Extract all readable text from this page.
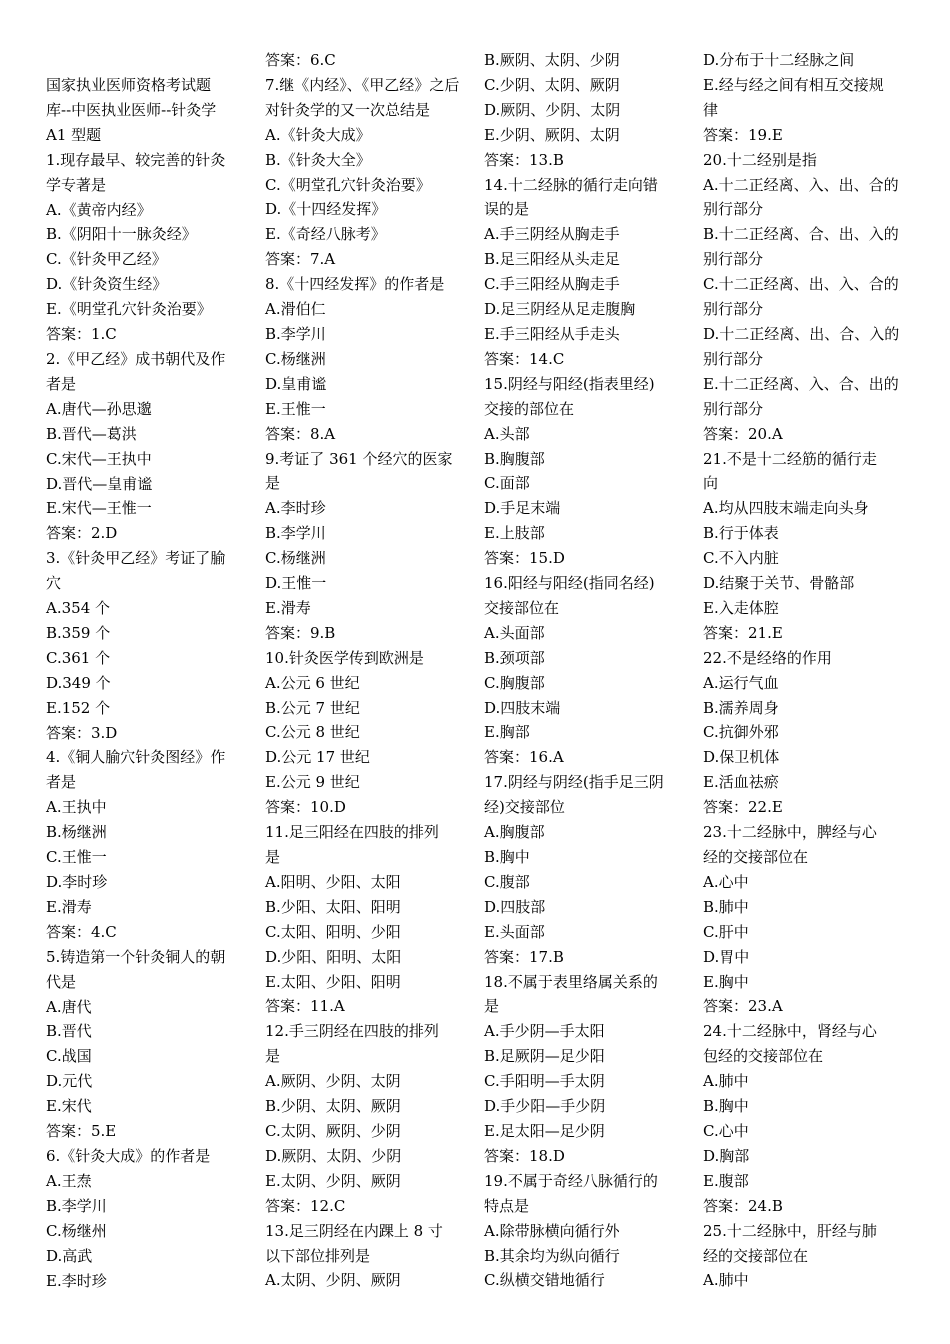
国家执业医师资格考试题
库--中医执业医师--针灸学
A1 型题
1.现存最早、较完善的针灸
学专著是
A.《黄帝内经》
B.《阴阳十一脉灸经》
C.《针灸甲乙经》
D.《针灸资生经》
E.《明堂孔穴针灸治要》
答案：1.C
2.《甲乙经》成书朝代及作
者是
A.唐代—孙思邈
B.晋代—葛洪
C.宋代—王执中
D.晋代—皇甫谧
E.宋代—王惟一
答案：2.D
3.《针灸甲乙经》考证了腧
穴
A.354 个
B.359 个
C.361 个
D.349 个
E.152 个
答案：3.D
4.《铜人腧穴针灸图经》作
者是
A.王执中
B.杨继洲
C.王惟一
D.李时珍
E.滑寿
答案：4.C
5.铸造第一个针灸铜人的朝
代是
A.唐代
B.晋代
C.战国
D.元代
E.宋代
答案：5.E
6.《针灸大成》的作者是
A.王焘
B.李学川
C.杨继州
D.高武
E.李时珍
答案：6.C
7.继《内经》、《甲乙经》之后
对针灸学的又一次总结是
A.《针灸大成》
B.《针灸大全》
C.《明堂孔穴针灸治要》
D.《十四经发挥》
E.《奇经八脉考》
答案：7.A
8.《十四经发挥》的作者是
A.滑伯仁
B.李学川
C.杨继洲
D.皇甫谧
E.王惟一
答案：8.A
9.考证了 361 个经穴的医家
是
A.李时珍
B.李学川
C.杨继洲
D.王惟一
E.滑寿
答案：9.B
10.针灸医学传到欧洲是
A.公元 6 世纪
B.公元 7 世纪
C.公元 8 世纪
D.公元 17 世纪
E.公元 9 世纪
答案：10.D
11.足三阳经在四肢的排列
是
A.阳明、少阳、太阳
B.少阳、太阳、阳明
C.太阳、阳明、少阳
D.少阳、阳明、太阳
E.太阳、少阳、阳明
答案：11.A
12.手三阴经在四肢的排列
是
A.厥阴、少阴、太阴
B.少阴、太阴、厥阴
C.太阴、厥阴、少阴
D.厥阴、太阴、少阴
E.太阴、少阴、厥阴
答案：12.C
13.足三阴经在内踝上 8 寸
以下部位排列是
A.太阴、少阴、厥阴
B.厥阴、太阴、少阴
C.少阴、太阴、厥阴
D.厥阴、少阴、太阴
E.少阴、厥阴、太阴
答案：13.B
14.十二经脉的循行走向错
误的是
A.手三阴经从胸走手
B.足三阳经从头走足
C.手三阳经从胸走手
D.足三阴经从足走腹胸
E.手三阳经从手走头
答案：14.C
15.阴经与阳经(指表里经)
交接的部位在
A.头部
B.胸腹部
C.面部
D.手足末端
E.上肢部
答案：15.D
16.阳经与阳经(指同名经)
交接部位在
A.头面部
B.颈项部
C.胸腹部
D.四肢末端
E.胸部
答案：16.A
17.阴经与阴经(指手足三阴
经)交接部位
A.胸腹部
B.胸中
C.腹部
D.四肢部
E.头面部
答案：17.B
18.不属于表里络属关系的
是
A.手少阴—手太阳
B.足厥阴—足少阳
C.手阳明—手太阴
D.手少阳—手少阴
E.足太阳—足少阴
答案：18.D
19.不属于奇经八脉循行的
特点是
A.除带脉横向循行外
B.其余均为纵向循行
C.纵横交错地循行
D.分布于十二经脉之间
E.经与经之间有相互交接规
律
答案：19.E
20.十二经别是指
A.十二正经离、入、出、合的
别行部分
B.十二正经离、合、出、入的
别行部分
C.十二正经离、出、入、合的
别行部分
D.十二正经离、出、合、入的
别行部分
E.十二正经离、入、合、出的
别行部分
答案：20.A
21.不是十二经筋的循行走
向
A.均从四肢末端走向头身
B.行于体表
C.不入内脏
D.结聚于关节、骨骼部
E.入走体腔
答案：21.E
22.不是经络的作用
A.运行气血
B.濡养周身
C.抗御外邪
D.保卫机体
E.活血祛瘀
答案：22.E
23.十二经脉中，脾经与心
经的交接部位在
A.心中
B.肺中
C.肝中
D.胃中
E.胸中
答案：23.A
24.十二经脉中，肾经与心
包经的交接部位在
A.肺中
B.胸中
C.心中
D.胸部
E.腹部
答案：24.B
25.十二经脉中，肝经与肺
经的交接部位在
A.肺中
